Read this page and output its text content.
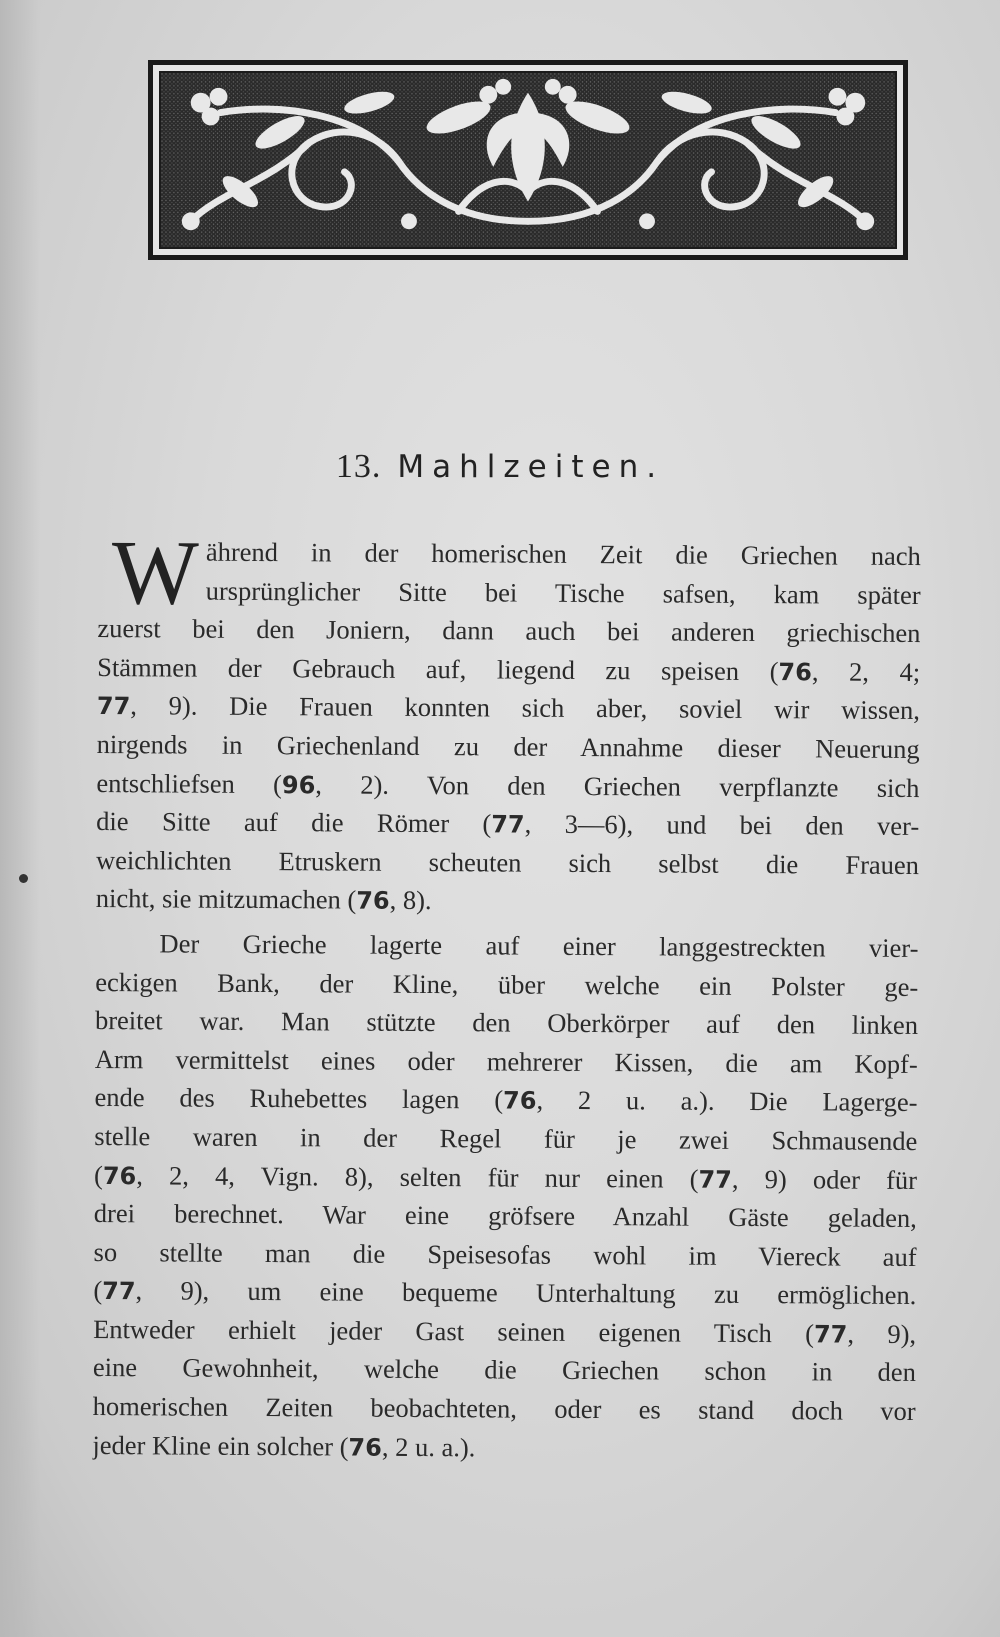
13. Mahlzeiten.
W ährend in der homerischen Zeit die Griechen nach
ursprünglicher Sitte bei Tische safsen, kam später
zuerst bei den Joniern, dann auch bei anderen griechischen
Stämmen der Gebrauch auf, liegend zu speisen (76, 2, 4;
77, 9). Die Frauen konnten sich aber, soviel wir wissen,
nirgends in Griechenland zu der Annahme dieser Neuerung
entschliefsen (96, 2). Von den Griechen verpflanzte sich
die Sitte auf die Römer (77, 3—6), und bei den ver-
weichlichten Etruskern scheuten sich selbst die Frauen
nicht, sie mitzumachen (76, 8).
Der Grieche lagerte auf einer langgestreckten vier-
eckigen Bank, der Kline, über welche ein Polster ge-
breitet war. Man stützte den Oberkörper auf den linken
Arm vermittelst eines oder mehrerer Kissen, die am Kopf-
ende des Ruhebettes lagen (76, 2 u. a.). Die Lagerge-
stelle waren in der Regel für je zwei Schmausende
(76, 2, 4, Vign. 8), selten für nur einen (77, 9) oder für
drei berechnet. War eine gröfsere Anzahl Gäste geladen,
so stellte man die Speisesofas wohl im Viereck auf
(77, 9), um eine bequeme Unterhaltung zu ermöglichen.
Entweder erhielt jeder Gast seinen eigenen Tisch (77, 9),
eine Gewohnheit, welche die Griechen schon in den
homerischen Zeiten beobachteten, oder es stand doch vor
jeder Kline ein solcher (76, 2 u. a.).
